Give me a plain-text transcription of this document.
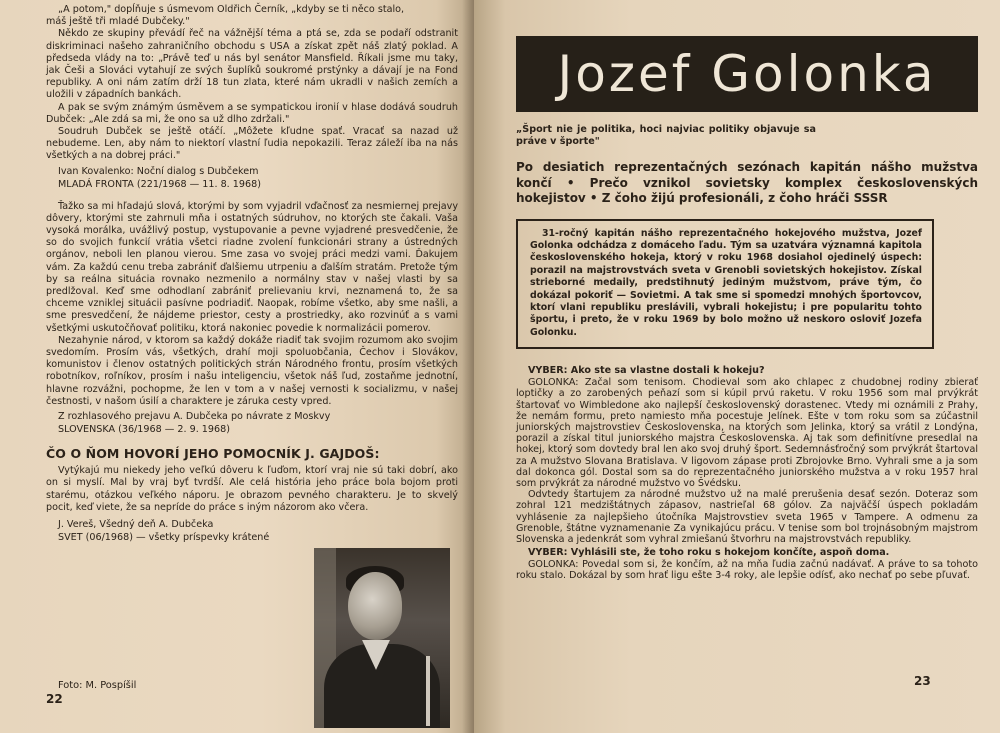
„A potom," dopĺňuje s úsmevom Oldřich Černík, „kdyby se ti něco stalo,

máš ještě tři mladé Dubčeky."

Někdo ze skupiny převádí řeč na vážnější téma a ptá se, zda se podaří odstranit diskriminaci našeho zahraničního obchodu s USA a získat zpět náš zlatý poklad. A předseda vlády na to: „Právě teď u nás byl senátor Mansfield. Říkali jsme mu taky, jak Češi a Slováci vytahují ze svých šuplíků soukromé prstýnky a dávají je na Fond republiky. A oni nám zatím drží 18 tun zlata, které nám ukradli v našich zemích a uložili v západních bankách.

A pak se svým známým úsměvem a se sympatickou ironií v hlase dodává soudruh Dubček: „Ale zdá sa mi, že ono sa už dlho zdržali."

Soudruh Dubček se ještě otáčí. „Môžete kľudne spať. Vracať sa nazad už nebudeme. Len, aby nám to niektorí vlastní ľudia nepokazili. Teraz záleží iba na nás všetkých a na dobrej práci."

Ivan Kovalenko: Noční dialog s Dubčekem

MLADÁ FRONTA (221/1968 — 11. 8. 1968)

Ťažko sa mi hľadajú slová, ktorými by som vyjadril vďačnosť za nesmiernej prejavy dôvery, ktorými ste zahrnuli mňa i ostatných súdruhov, no ktorých ste čakali. Vaša vysoká morálka, uvážlivý postup, vystupovanie a pevne vyjadrené presvedčenie, že so do svojich funkcií vrátia všetci riadne zvolení funkcionári strany a ústredných orgánov, neboli len planou vierou. Sme zasa vo svojej práci medzi vami. Ďakujem vám. Za každú cenu treba zabrániť ďalšiemu utrpeniu a ďalším stratám. Pretože tým by sa reálna situácia rovnako nezmenilo a normálny stav v našej vlasti by sa predlžoval. Keď sme odhodlaní zabrániť prelievaniu krvi, neznamená to, že sa chceme vzniklej situácii pasívne podriadiť. Naopak, robíme všetko, aby sme našli, a sme presvedčení, že nájdeme priestor, cesty a prostriedky, ako rozvinúť a s vami všetkými uskutočňovať politiku, ktorá nakoniec povedie k normalizácii pomerov.

Nezahynie národ, v ktorom sa každý dokáže riadiť tak svojim rozumom ako svojim svedomím. Prosím vás, všetkých, drahí moji spoluobčania, Čechov i Slovákov, komunistov i členov ostatných politických strán Národného frontu, prosím všetkých robotníkov, roľníkov, prosím i našu inteligenciu, všetok náš ľud, zostaňme jednotní, hlavne rozvážni, pochopme, že len v tom a v našej vernosti k socializmu, v našej čestnosti, v našom úsilí a charaktere je záruka cesty vpred.

Z rozhlasového prejavu A. Dubčeka po návrate z Moskvy

SLOVENSKA (36/1968 — 2. 9. 1968)

ČO O ŇOM HOVORÍ JEHO POMOCNÍK J. GAJDOŠ:

Vytýkajú mu niekedy jeho veľkú dôveru k ľuďom, ktorí vraj nie sú taki dobrí, ako on si myslí. Mal by vraj byť tvrdší. Ale celá história jeho práce bola bojom proti starému, otázkou veľkého náporu. Je obrazom pevného charakteru. Je to skvelý pocit, keď viete, že sa nepríde do práce s iným názorom ako včera.

J. Vereš, Všedný deň A. Dubčeka

SVET (06/1968) — všetky príspevky krátené

Foto: M. Pospíšil
22
Jozef Golonka

„Šport nie je politika, hoci najviac politiky objavuje sa práve v športe"

Po desiatich reprezentačných sezónach kapitán nášho mužstva končí • Prečo vznikol sovietsky komplex československých hokejistov • Z čoho žijú profesionáli, z čoho hráči SSSR

31-ročný kapitán nášho reprezentačného hokejového mužstva, Jozef Golonka odchádza z domáceho ľadu. Tým sa uzatvára významná kapitola československého hokeja, ktorý v roku 1968 dosiahol ojedinelý úspech: porazil na majstrovstvách sveta v Grenobli sovietských hokejistov. Získal strieborné medaily, predstihnutý jediným mužstvom, práve tým, čo dokázal pokoriť — Sovietmi. A tak sme si spomedzi mnohých športovcov, ktorí vlani republiku preslávili, vybrali hokejistu; i pre popularitu tohto športu, i preto, že v roku 1969 by bolo možno už neskoro osloviť Jozefa Golonku.

VYBER: Ako ste sa vlastne dostali k hokeju?

GOLONKA: Začal som tenisom. Chodieval som ako chlapec z chudobnej rodiny zbierať loptičky a zo zarobených peňazí som si kúpil prvú raketu. V roku 1956 som mal prvýkrát štartovať vo Wimbledone ako najlepší československý dorastenec. Vtedy mi oznámili z Prahy, že nemám formu, preto namiesto mňa pocestuje Jelínek. Ešte v tom roku som sa zúčastnil juniorských majstrovstiev Československa, na ktorých som Jelinka, ktorý sa vrátil z Londýna, porazil a získal titul juniorského majstra Československa. Aj tak som definitívne presedlal na hokej, ktorý som dovtedy bral len ako svoj druhý šport. Sedemnásťročný som prvýkrát štartoval za A mužstvo Slovana Bratislava. V ligovom zápase proti Zbrojovke Brno. Vyhrali sme a ja som dal dokonca gól. Dostal som sa do reprezentačného juniorského mužstva a v roku 1957 hral som prvýkrát za národné mužstvo vo Švédsku.

Odvtedy štartujem za národné mužstvo už na malé prerušenia desať sezón. Doteraz som zohral 121 medzištátnych zápasov, nastrieľal 68 gólov. Za najväčší úspech pokladám vyhlásenie za najlepšieho útočníka Majstrovstiev sveta 1965 v Tampere. A odmenu za Grenoble, štátne vyznamenanie Za vynikajúcu prácu. V tenise som bol trojnásobným majstrom Slovenska a jedenkrát som vyhral zmiešanú štvorhru na majstrovstvách republiky.

VYBER: Vyhlásili ste, že toho roku s hokejom končíte, aspoň doma.

GOLONKA: Povedal som si, že končím, až na mňa ľudia začnú nadávať. A práve to sa tohoto roku stalo. Dokázal by som hrať ligu ešte 3-4 roky, ale lepšie odísť, ako nechať po sebe pľuvať.

23
